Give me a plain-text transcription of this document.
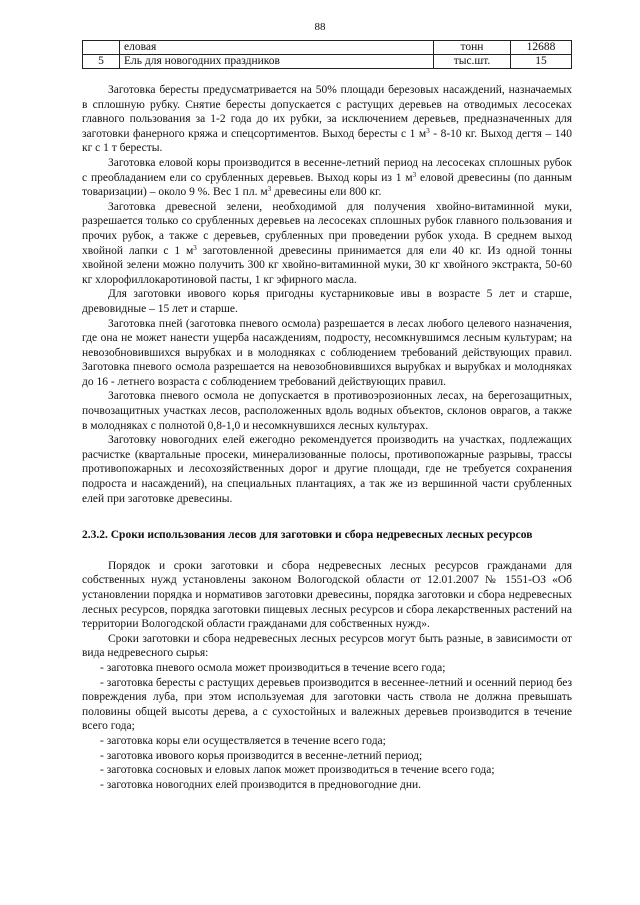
88
	еловая	тонн	12688
5	Ель для новогодних праздников	тыс.шт.	15

Заготовка бересты предусматривается на 50% площади березовых насаждений, назначаемых в сплошную рубку. Снятие бересты допускается с растущих деревьев на отводимых лесосеках главного пользования за 1-2 года до их рубки, за исключением деревьев, предназначенных для заготовки фанерного кряжа и спецсортиментов. Выход бересты с 1 $м^3 - 8-10$ кг. Выход дегтя – 140 кг с 1 т бересты.

Заготовка еловой коры производится в весенне-летний период на лесосеках сплошных рубок с преобладанием ели со срубленных деревьев. Выход коры из 1 $м^3$ еловой древесины (по данным товаризации) – около 9 %. Вес 1 пл. $м^3$ древесины ели 800 кг.

Заготовка древесной зелени, необходимой для получения хвойно-витаминной муки, разрешается только со срубленных деревьев на лесосеках сплошных рубок главного пользования и прочих рубок, а также с деревьев, срубленных при проведении рубок ухода. В среднем выход хвойной лапки с 1 $м^3$ заготовленной древесины принимается для ели 40 кг. Из одной тонны хвойной зелени можно получить 300 кг хвойно-витаминной муки, 30 кг хвойного экстракта, 50-60 кг хлорофиллокаротиновой пасты, 1 кг эфирного масла.

Для заготовки ивового корья пригодны кустарниковые ивы в возрасте 5 лет и старше, древовидные – 15 лет и старше.

Заготовка пней (заготовка пневого осмола) разрешается в лесах любого целевого назначения, где она не может нанести ущерба насаждениям, подросту, несомкнувшимся лесным культурам; на невозобновившихся вырубках и в молодняках с соблюдением требований действующих правил. Заготовка пневого осмола разрешается на невозобновившихся вырубках и вырубках и молодняках до 16 - летнего возраста с соблюдением требований действующих правил.

Заготовка пневого осмола не допускается в противоэрозионных лесах, на берегозащитных, почвозащитных участках лесов, расположенных вдоль водных объектов, склонов оврагов, а также в молодняках с полнотой 0,8-1,0 и несомкнувшихся лесных культурах.

Заготовку новогодних елей ежегодно рекомендуется производить на участках, подлежащих расчистке (квартальные просеки, минерализованные полосы, противопожарные разрывы, трассы противопожарных и лесохозяйственных дорог и другие площади, где не требуется сохранения подроста и насаждений), на специальных плантациях, а так же из вершинной части срубленных елей при заготовке древесины.

2.3.2. Сроки использования лесов для заготовки и сбора недревесных лесных ресурсов

Порядок и сроки заготовки и сбора недревесных лесных ресурсов гражданами для собственных нужд установлены законом Вологодской области от 12.01.2007 № 1551-ОЗ «Об установлении порядка и нормативов заготовки древесины, порядка заготовки и сбора недревесных лесных ресурсов, порядка заготовки пищевых лесных ресурсов и сбора лекарственных растений на территории Вологодской области гражданами для собственных нужд».

Сроки заготовки и сбора недревесных лесных ресурсов могут быть разные, в зависимости от вида недревесного сырья:

- заготовка пневого осмола может производиться в течение всего года;

- заготовка бересты с растущих деревьев производится в весеннее-летний и осенний период без повреждения луба, при этом используемая для заготовки часть ствола не должна превышать половины общей высоты дерева, а с сухостойных и валежных деревьев производится в течение всего года;

- заготовка коры ели осуществляется в течение всего года;

- заготовка ивового корья производится в весенне-летний период;

- заготовка сосновых и еловых лапок может производиться в течение всего года;

- заготовка новогодних елей производится в предновогодние дни.
